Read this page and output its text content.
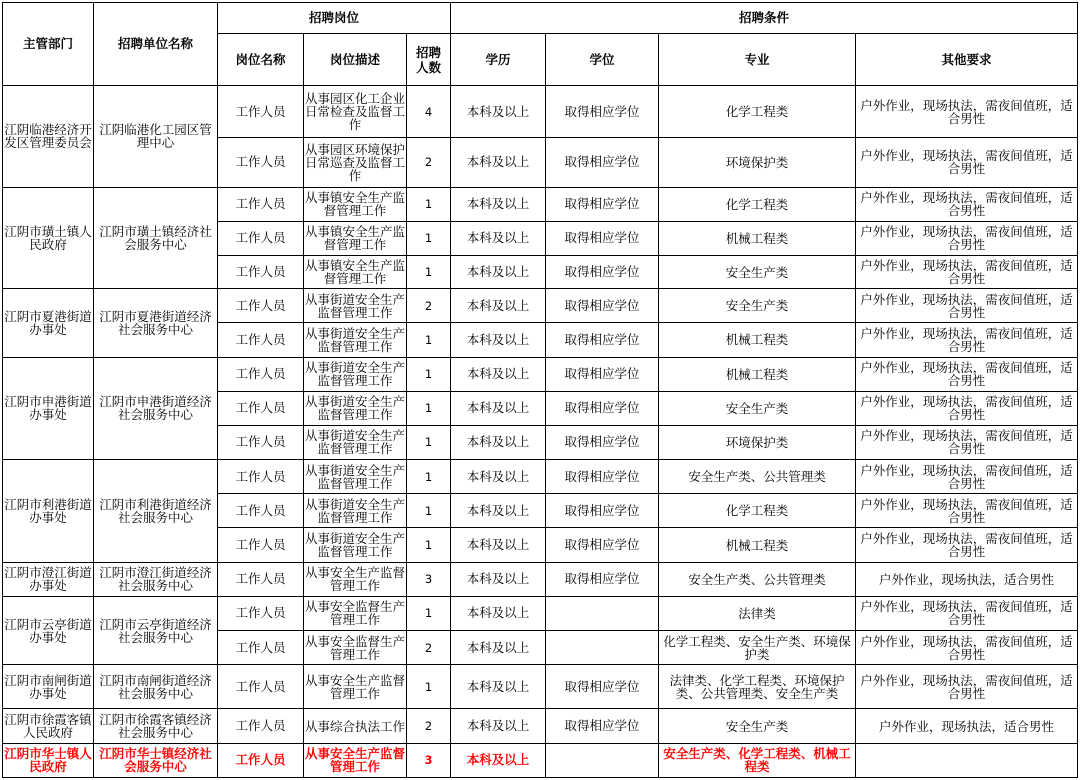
主管部门	招聘单位名称	招聘岗位			招聘条件			
		岗位名称	岗位描述	招聘人数	学历	学位	专业	其他要求
江阴临港经济开发区管理委员会	江阴临港化工园区管理中心	工作人员	从事园区化工企业日常检查及监督工作	4	本科及以上	取得相应学位	化学工程类	户外作业，现场执法，需夜间值班，适合男性
		工作人员	从事园区环境保护日常巡查及监督工作	2	本科及以上	取得相应学位	环境保护类	户外作业，现场执法，需夜间值班，适合男性
江阴市璜土镇人民政府	江阴市璜土镇经济社会服务中心	工作人员	从事镇安全生产监督管理工作	1	本科及以上	取得相应学位	化学工程类	户外作业，现场执法，需夜间值班，适合男性
		工作人员	从事镇安全生产监督管理工作	1	本科及以上	取得相应学位	机械工程类	户外作业，现场执法，需夜间值班，适合男性
		工作人员	从事镇安全生产监督管理工作	1	本科及以上	取得相应学位	安全生产类	户外作业，现场执法，需夜间值班，适合男性
江阴市夏港街道办事处	江阴市夏港街道经济社会服务中心	工作人员	从事街道安全生产监督管理工作	2	本科及以上	取得相应学位	安全生产类	户外作业，现场执法，需夜间值班，适合男性
		工作人员	从事街道安全生产监督管理工作	1	本科及以上	取得相应学位	机械工程类	户外作业，现场执法，需夜间值班，适合男性
江阴市申港街道办事处	江阴市申港街道经济社会服务中心	工作人员	从事街道安全生产监督管理工作	1	本科及以上	取得相应学位	机械工程类	户外作业，现场执法，需夜间值班，适合男性
		工作人员	从事街道安全生产监督管理工作	1	本科及以上	取得相应学位	安全生产类	户外作业，现场执法，需夜间值班，适合男性
		工作人员	从事街道安全生产监督管理工作	1	本科及以上	取得相应学位	环境保护类	户外作业，现场执法，需夜间值班，适合男性
江阴市利港街道办事处	江阴市利港街道经济社会服务中心	工作人员	从事街道安全生产监督管理工作	1	本科及以上	取得相应学位	安全生产类、公共管理类	户外作业，现场执法，需夜间值班，适合男性
		工作人员	从事街道安全生产监督管理工作	1	本科及以上	取得相应学位	化学工程类	户外作业，现场执法，需夜间值班，适合男性
		工作人员	从事街道安全生产监督管理工作	1	本科及以上	取得相应学位	机械工程类	户外作业，现场执法，需夜间值班，适合男性
江阴市澄江街道办事处	江阴市澄江街道经济社会服务中心	工作人员	从事安全生产监督管理工作	3	本科及以上	取得相应学位	安全生产类、公共管理类	户外作业，现场执法，适合男性
江阴市云亭街道办事处	江阴市云亭街道经济社会服务中心	工作人员	从事安全监督生产管理工作	1	本科及以上		法律类	户外作业，现场执法，需夜间值班，适合男性
		工作人员	从事安全监督生产管理工作	2	本科及以上		化学工程类、安全生产类、环境保护类	户外作业，现场执法，需夜间值班，适合男性
江阴市南闸街道办事处	江阴市南闸街道经济社会服务中心	工作人员	从事安全生产监督管理工作	1	本科及以上	取得相应学位	法律类、化学工程类、环境保护类、公共管理类、安全生产类	户外作业，现场执法，需夜间值班，适合男性
江阴市徐霞客镇人民政府	江阴市徐霞客镇经济社会服务中心	工作人员	从事综合执法工作	2	本科及以上	取得相应学位	安全生产类	户外作业，现场执法，适合男性
江阴市华士镇人民政府	江阴市华士镇经济社会服务中心	工作人员	从事安全生产监督管理工作	3	本科及以上		安全生产类、化学工程类、机械工程类	
